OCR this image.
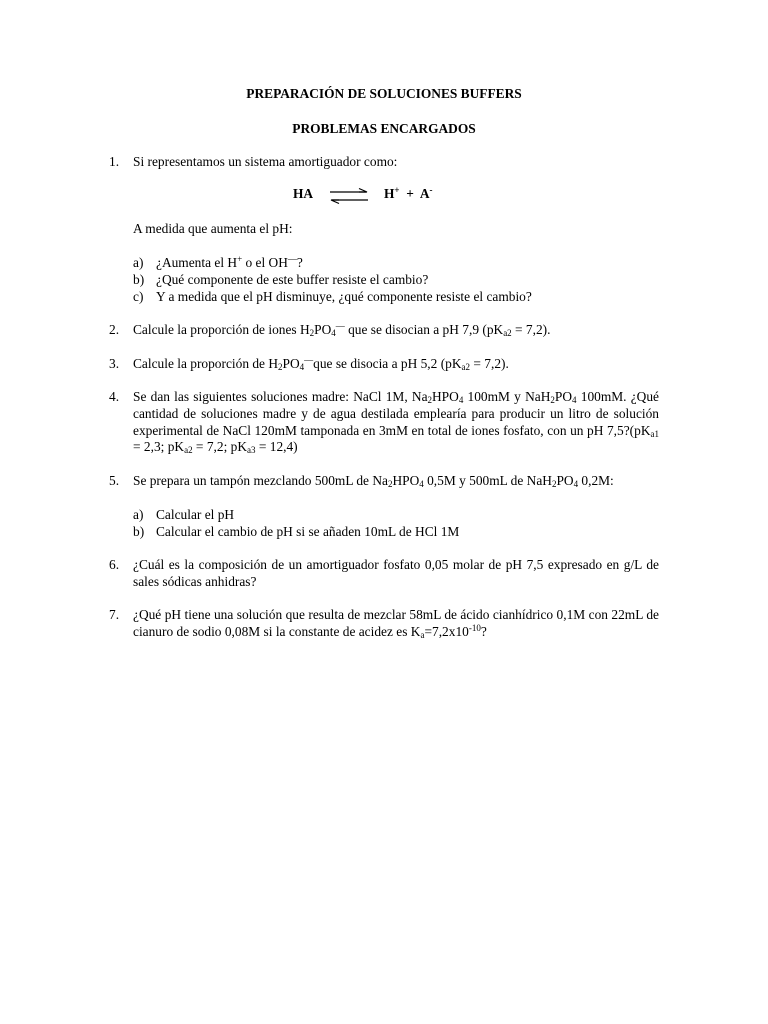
PREPARACIÓN DE SOLUCIONES BUFFERS
PROBLEMAS ENCARGADOS
1. Si representamos un sistema amortiguador como:
HA ⇌ H+ + A-
A medida que aumenta el pH:
a) ¿Aumenta el H+ o el OH—?
b) ¿Qué componente de este buffer resiste el cambio?
c) Y a medida que el pH disminuye, ¿qué componente resiste el cambio?
2. Calcule la proporción de iones $H_2PO_4^—$ que se disocian a pH 7,9 $(pK_{a2} = 7,2)$.
3. Calcule la proporción de $H_2PO_4^—que$ se disocia a pH 5,2 $(pK_{a2} = 7,2)$.
4. Se dan las siguientes soluciones madre: NaCl 1M, $Na_2HPO_4$ 100mM y $NaH_2PO_4$ 100mM. ¿Qué cantidad de soluciones madre y de agua destilada emplearía para producir un litro de solución experimental de NaCl 120mM tamponada en 3mM en total de iones fosfato, con un pH $7,5?(pK_{a1} = 2,3$; $pK_{a2} = 7,2$; $pK_{a3} = 12,4$)
5. Se prepara un tampón mezclando 500mL de $Na_2HPO_4$ 0,5M y 500mL de $NaH_2PO_4$ 0,2M:
a) Calcular el pH
b) Calcular el cambio de pH si se añaden 10mL de HCl 1M
6. ¿Cuál es la composición de un amortiguador fosfato 0,05 molar de pH 7,5 expresado en g/L de sales sódicas anhidras?
7. ¿Qué pH tiene una solución que resulta de mezclar 58mL de ácido cianhídrico 0,1M con 22mL de cianuro de sodio 0,08M si la constante de acidez es $K_a=7,2x10^{-10}$?
